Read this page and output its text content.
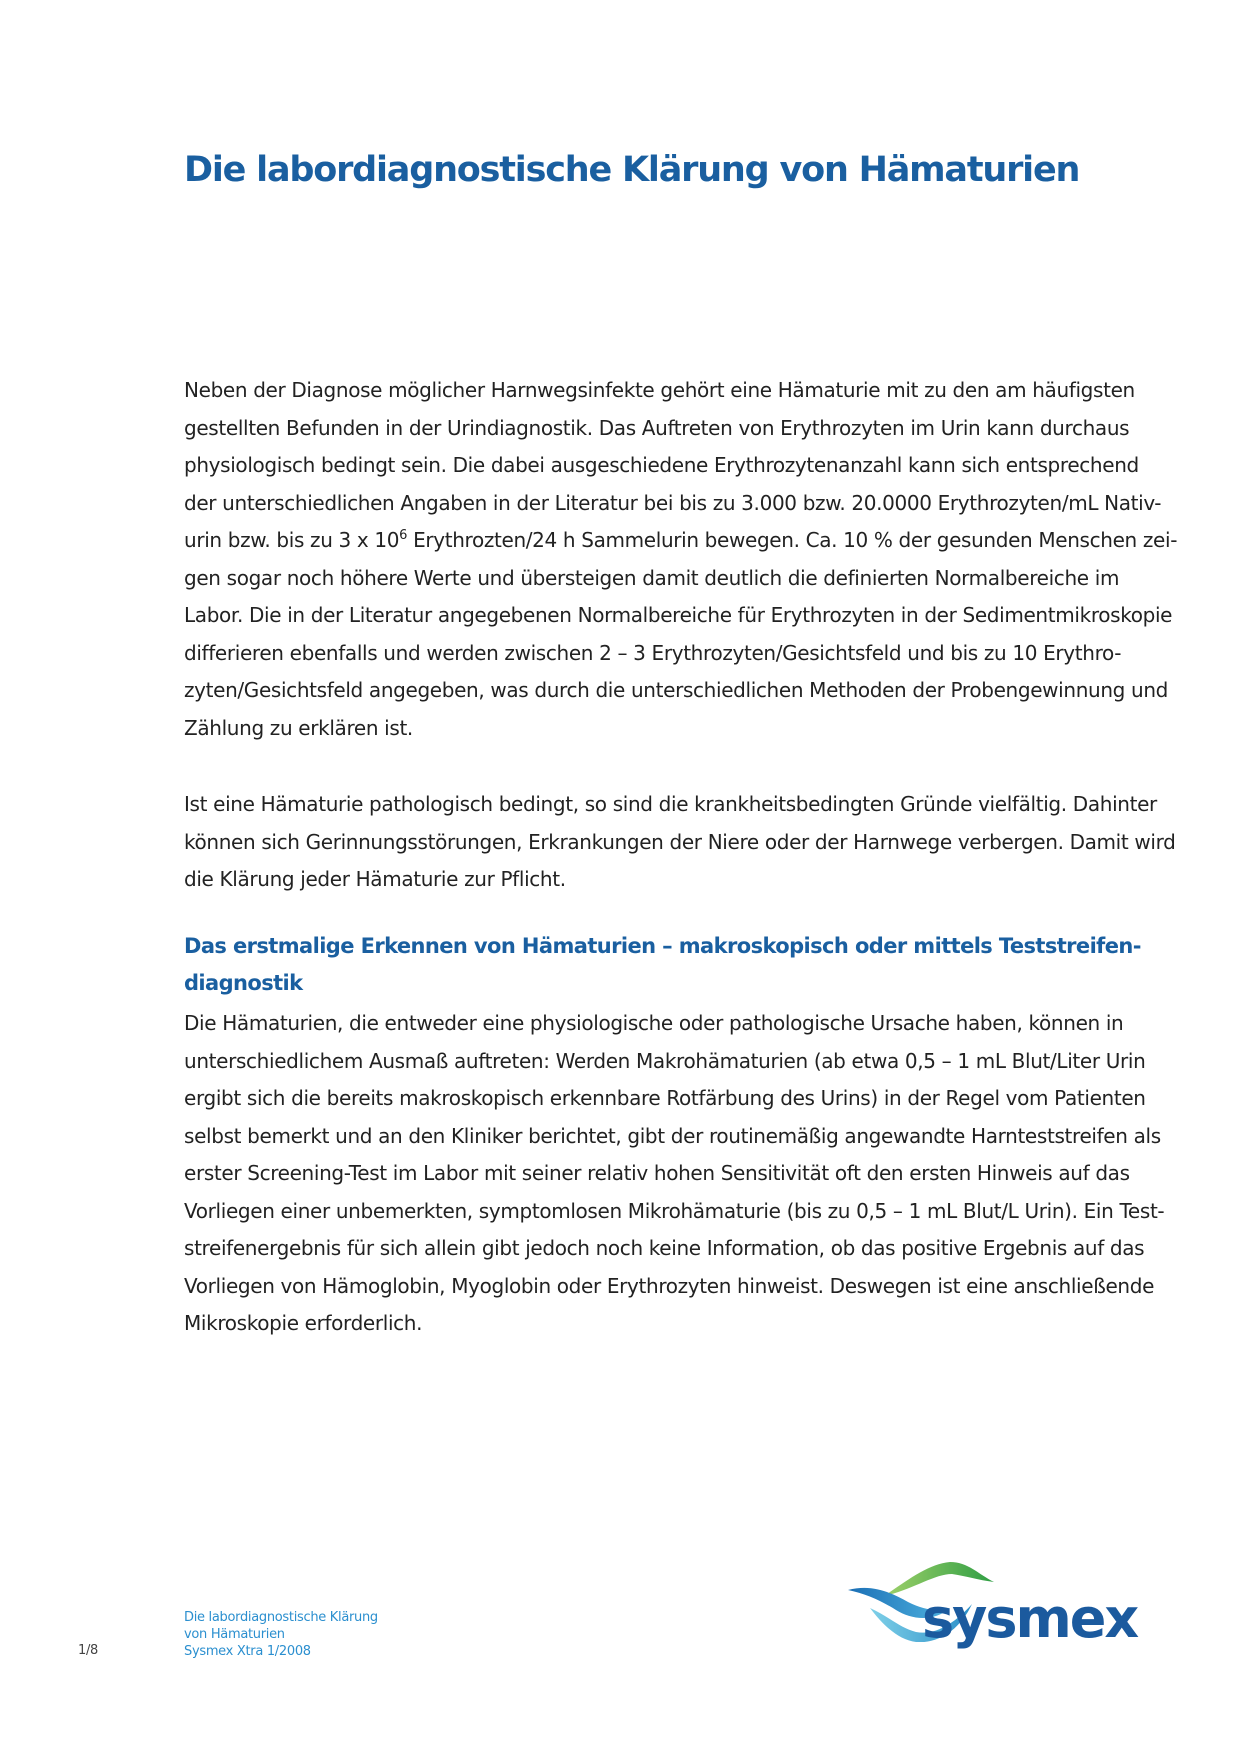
Die labordiagnostische Klärung von Hämaturien

Neben der Diagnose möglicher Harnwegsinfekte gehört eine Hämaturie mit zu den am häufigsten
gestellten Befunden in der Urindiagnostik. Das Auftreten von Erythrozyten im Urin kann durchaus
physiologisch bedingt sein. Die dabei ausgeschiedene Erythrozytenanzahl kann sich entsprechend
der unterschiedlichen Angaben in der Literatur bei bis zu 3.000 bzw. 20.0000 Erythrozyten/mL Nativ-
urin bzw. bis zu 3 x $10^6$ Erythrozten/24 h Sammelurin bewegen. Ca. 10 % der gesunden Menschen zei-
gen sogar noch höhere Werte und übersteigen damit deutlich die definierten Normalbereiche im
Labor. Die in der Literatur angegebenen Normalbereiche für Erythrozyten in der Sedimentmikroskopie
differieren ebenfalls und werden zwischen 2 – 3 Erythrozyten/Gesichtsfeld und bis zu 10 Erythro-
zyten/Gesichtsfeld angegeben, was durch die unterschiedlichen Methoden der Probengewinnung und
Zählung zu erklären ist.

Ist eine Hämaturie pathologisch bedingt, so sind die krankheitsbedingten Gründe vielfältig. Dahinter
können sich Gerinnungsstörungen, Erkrankungen der Niere oder der Harnwege verbergen. Damit wird
die Klärung jeder Hämaturie zur Pflicht.

Das erstmalige Erkennen von Hämaturien – makroskopisch oder mittels Teststreifen-
diagnostik

Die Hämaturien, die entweder eine physiologische oder pathologische Ursache haben, können in
unterschiedlichem Ausmaß auftreten: Werden Makrohämaturien (ab etwa 0,5 – 1 mL Blut/Liter Urin
ergibt sich die bereits makroskopisch erkennbare Rotfärbung des Urins) in der Regel vom Patienten
selbst bemerkt und an den Kliniker berichtet, gibt der routinemäßig angewandte Harnteststreifen als
erster Screening-Test im Labor mit seiner relativ hohen Sensitivität oft den ersten Hinweis auf das
Vorliegen einer unbemerkten, symptomlosen Mikrohämaturie (bis zu 0,5 – 1 mL Blut/L Urin). Ein Test-
streifenergebnis für sich allein gibt jedoch noch keine Information, ob das positive Ergebnis auf das
Vorliegen von Hämoglobin, Myoglobin oder Erythrozyten hinweist. Deswegen ist eine anschließende
Mikroskopie erforderlich.

1/8
Die labordiagnostische Klärung
von Hämaturien
Sysmex Xtra 1/2008
sysmex
